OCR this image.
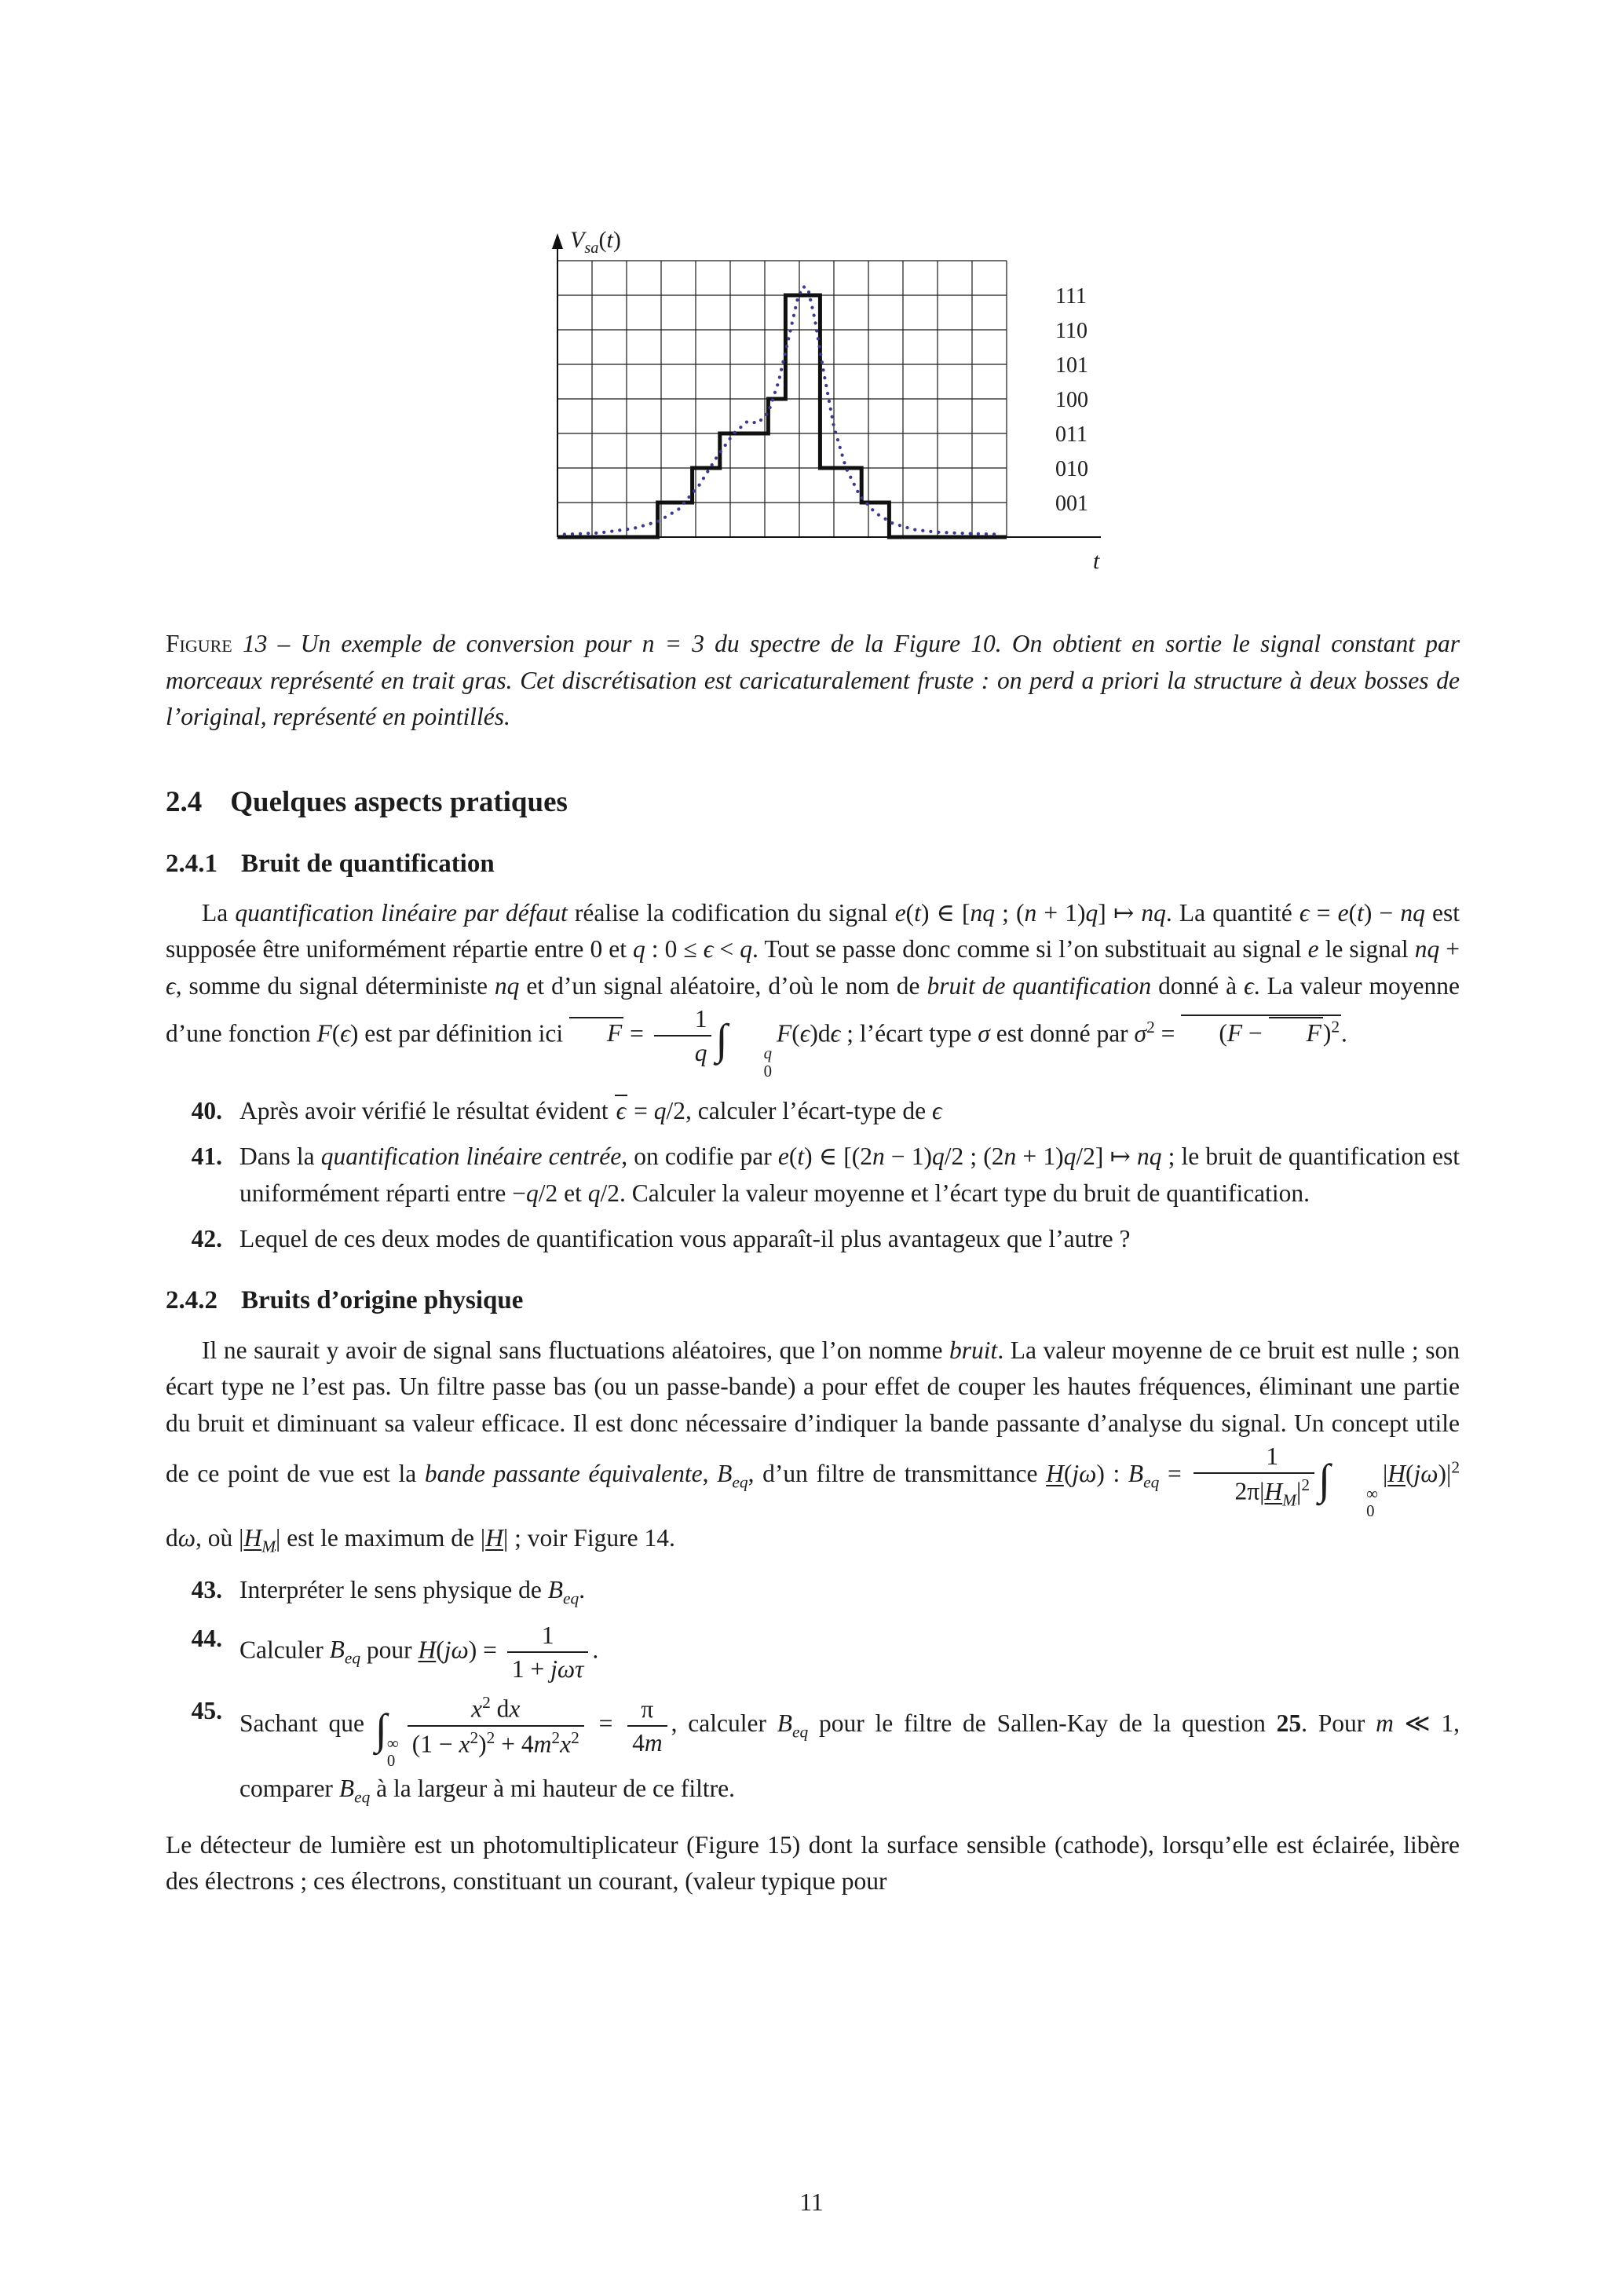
t
001
010
011
100
101
110
111
$V_{sa}(t)$

Figure 13 – Un exemple de conversion pour n = 3 du spectre de la Figure 10. On obtient en sortie le signal constant par morceaux représenté en trait gras. Cet discrétisation est caricaturalement fruste : on perd a priori la structure à deux bosses de l’original, représenté en pointillés.

2.4 Quelques aspects pratiques
2.4.1 Bruit de quantification

La quantification linéaire par défaut réalise la codification du signal e(t) ∈ [nq ; (n + 1)q] ↦ nq. La quantité ϵ = e(t) − nq est supposée être uniformément répartie entre 0 et q : 0 ≤ ϵ < q. Tout se passe donc comme si l’on substituait au signal e le signal nq + ϵ, somme du signal déterministe nq et d’un signal aléatoire, d’où le nom de bruit de quantification donné à ϵ. La valeur moyenne d’une fonction F(ϵ) est par définition ici $F = \frac{1}{q}$ ∫	q
0
F(ϵ)dϵ ; l’écart type σ est donné par $\sigma^2 = (F - F)^2$.

40. Après avoir vérifié le résultat évident ϵ = q/2, calculer l’écart-type de ϵ
41. Dans la quantification linéaire centrée, on codifie par e(t) ∈ [(2n − 1)q/2 ; (2n + 1)q/2] ↦ nq ; le bruit de quantification est uniformément réparti entre −q/2 et q/2. Calculer la valeur moyenne et l’écart type du bruit de quantification.
42. Lequel de ces deux modes de quantification vous apparaît-il plus avantageux que l’autre ?
2.4.2 Bruits d’origine physique

Il ne saurait y avoir de signal sans fluctuations aléatoires, que l’on nomme bruit. La valeur moyenne de ce bruit est nulle ; son écart type ne l’est pas. Un filtre passe bas (ou un passe-bande) a pour effet de couper les hautes fréquences, éliminant une partie du bruit et diminuant sa valeur efficace. Il est donc nécessaire d’indiquer la bande passante d’analyse du signal. Un concept utile de ce point de vue est la bande passante équivalente, $B_{eq}$, d’un filtre de transmittance H(jω) : $B_{eq} = \frac{1}{2\pi|H_M|^2}$ ∫	∞
0
$|H(j\omega)|^2$ dω, où $|H_M|$ est le maximum de |H| ; voir Figure 14.

43. Interpréter le sens physique de $B_{eq}$.
44. Calculer $B_{eq}$ pour $H(j\omega) = \frac{1}{\text{1 + jωτ}}$ .
45. Sachant que ∫ ∞
0
$\frac{x^2 dx}{(1 - x^2)^2 + 4m^2x^2} = \frac{\pi}{4m}$ , calculer $B_{eq}$ pour le filtre de Sallen-Kay de la question 25. Pour m ≪ 1, comparer $B_{eq}$ à la largeur à mi hauteur de ce filtre.

Le détecteur de lumière est un photomultiplicateur (Figure 15) dont la surface sensible (cathode), lorsqu’elle est éclairée, libère des électrons ; ces électrons, constituant un courant, (valeur typique pour

11
